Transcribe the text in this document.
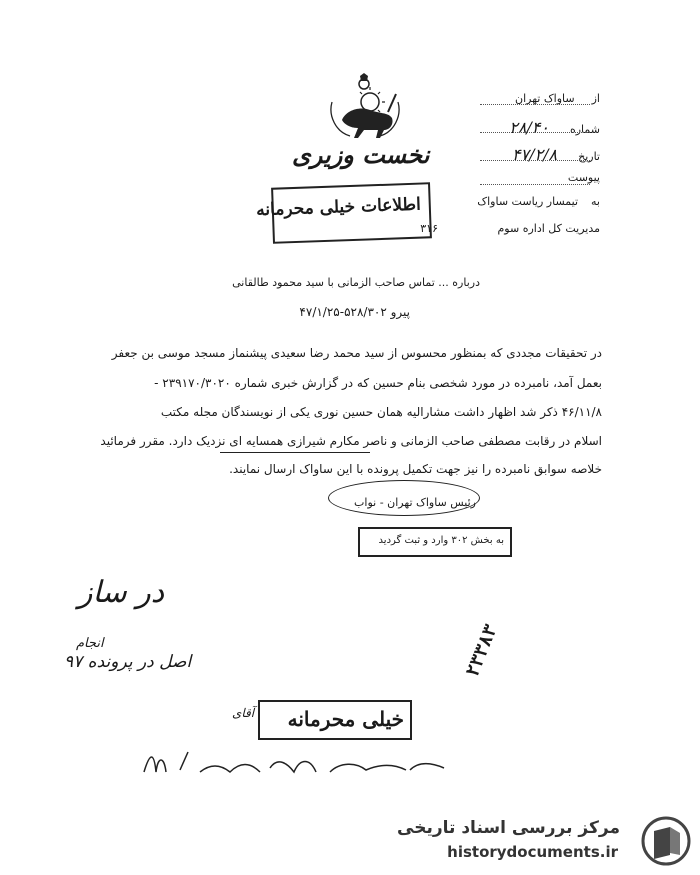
نخست وزیری
اطلاعات خیلی محرمانه
از  ساواک تهران
شماره  ۲۸/۴۰
تاریخ  ۴۷/۲/۸
پیوست
به  تیمسار ریاست ساواک
مدیریت کل اداره سوم
۳۱۶
درباره ... تماس صاحب الزمانی با سید محمود طالقانی
پیرو ۵۲۸/۳۰۲-۴۷/۱/۲۵
در تحقیقات مجددی که بمنظور محسوس از سید محمد رضا سعیدی پیشنماز مسجد موسی بن جعفر
بعمل آمد، نامبرده در مورد شخصی بنام حسین که در گزارش خبری شماره ۲۳۹۱۷۰/۳۰۲۰ -
۴۶/۱۱/۸ ذکر شد اظهار داشت مشارالیه همان حسین نوری یکی از نویسندگان مجله مکتب
اسلام در رقابت مصطفی صاحب الزمانی و ناصر مکارم شیرازی همسایه ای نزدیک دارد. مقرر فرمائید
خلاصه سوابق نامبرده را نیز جهت تکمیل پرونده با این ساواک ارسال نمایند.
رئیس ساواک تهران - نواب
به بخش ۳۰۲ وارد و ثبت گردید
در ساز
انجام
اصل در پرونده ۹۷	۲۳۳۸۳
خیلی محرمانه
آقای
مرکز بررسی اسناد تاریخی
historydocuments.ir
